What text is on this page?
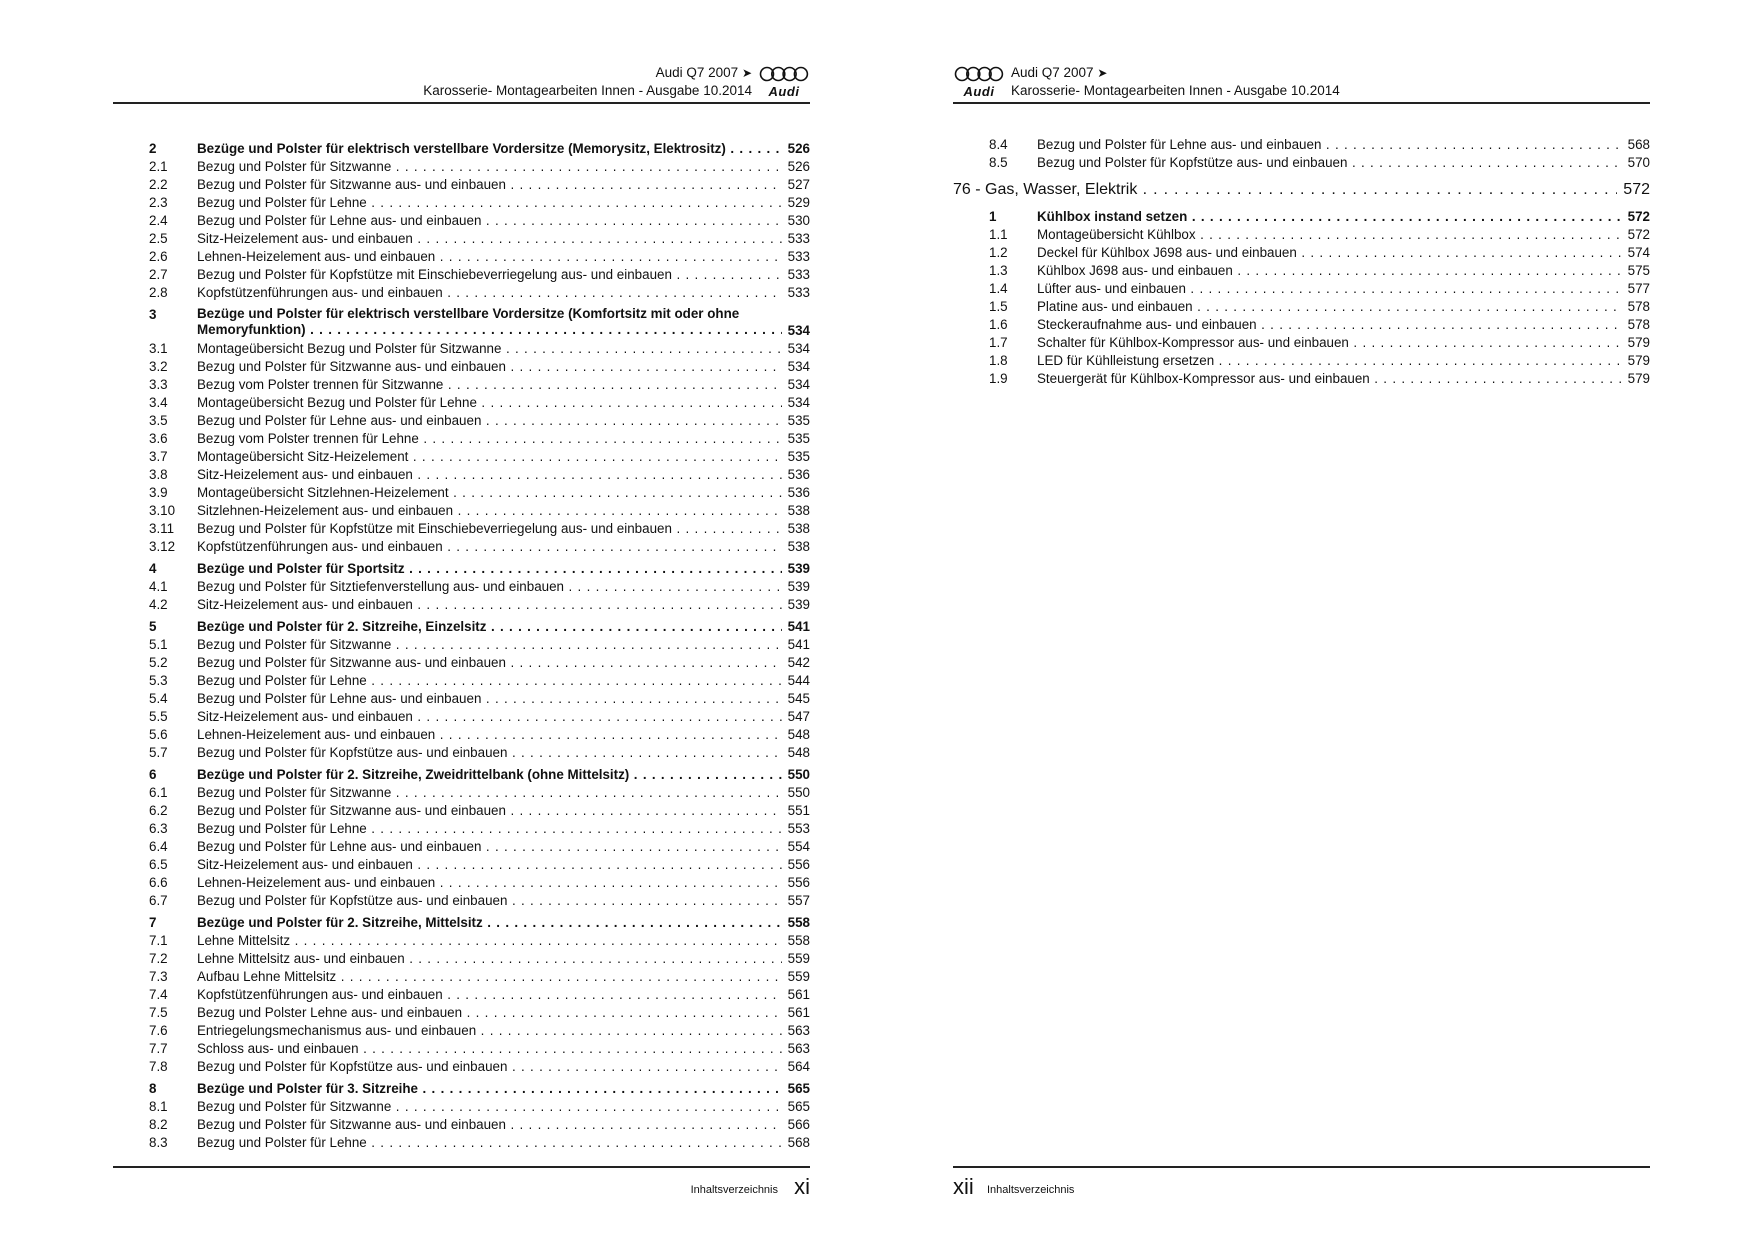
Audi Q7 2007 ➤
Karosserie- Montagearbeiten Innen - Ausgabe 10.2014	Audi
2	Bezüge und Polster für elektrisch verstellbare Vordersitze (Memorysitz, Elektrositz) . . .	526
2.1 Bezug und Polster für Sitzwanne . . .	526
2.2 Bezug und Polster für Sitzwanne aus- und einbauen . . .	527
2.3 Bezug und Polster für Lehne . . .	529
2.4 Bezug und Polster für Lehne aus- und einbauen . . .	530
2.5 Sitz-Heizelement aus- und einbauen . . .	533
2.6 Lehnen-Heizelement aus- und einbauen . . .	533
2.7 Bezug und Polster für Kopfstütze mit Einschiebeverriegelung aus- und einbauen . . .	533
2.8 Kopfstützenführungen aus- und einbauen . . .	533
3	Bezüge und Polster für elektrisch verstellbare Vordersitze (Komfortsitz mit oder ohne
Memoryfunktion) . . .	534
3.1 Montageübersicht Bezug und Polster für Sitzwanne . . .	534
3.2 Bezug und Polster für Sitzwanne aus- und einbauen . . .	534
3.3 Bezug vom Polster trennen für Sitzwanne . . .	534
3.4 Montageübersicht Bezug und Polster für Lehne . . .	534
3.5 Bezug und Polster für Lehne aus- und einbauen . . .	535
3.6 Bezug vom Polster trennen für Lehne . . .	535
3.7 Montageübersicht Sitz-Heizelement . . .	535
3.8 Sitz-Heizelement aus- und einbauen . . .	536
3.9 Montageübersicht Sitzlehnen-Heizelement . . .	536
3.10 Sitzlehnen-Heizelement aus- und einbauen . . .	538
3.11 Bezug und Polster für Kopfstütze mit Einschiebeverriegelung aus- und einbauen . . .	538
3.12 Kopfstützenführungen aus- und einbauen . . .	538
4	Bezüge und Polster für Sportsitz . . .	539
4.1 Bezug und Polster für Sitztiefenverstellung aus- und einbauen . . .	539
4.2 Sitz-Heizelement aus- und einbauen . . .	539
5	Bezüge und Polster für 2. Sitzreihe, Einzelsitz . . .	541
5.1 Bezug und Polster für Sitzwanne . . .	541
5.2 Bezug und Polster für Sitzwanne aus- und einbauen . . .	542
5.3 Bezug und Polster für Lehne . . .	544
5.4 Bezug und Polster für Lehne aus- und einbauen . . .	545
5.5 Sitz-Heizelement aus- und einbauen . . .	547
5.6 Lehnen-Heizelement aus- und einbauen . . .	548
5.7 Bezug und Polster für Kopfstütze aus- und einbauen . . .	548
6	Bezüge und Polster für 2. Sitzreihe, Zweidrittelbank (ohne Mittelsitz) . . .	550
6.1 Bezug und Polster für Sitzwanne . . .	550
6.2 Bezug und Polster für Sitzwanne aus- und einbauen . . .	551
6.3 Bezug und Polster für Lehne . . .	553
6.4 Bezug und Polster für Lehne aus- und einbauen . . .	554
6.5 Sitz-Heizelement aus- und einbauen . . .	556
6.6 Lehnen-Heizelement aus- und einbauen . . .	556
6.7 Bezug und Polster für Kopfstütze aus- und einbauen . . .	557
7	Bezüge und Polster für 2. Sitzreihe, Mittelsitz . . .	558
7.1 Lehne Mittelsitz . . .	558
7.2 Lehne Mittelsitz aus- und einbauen . . .	559
7.3 Aufbau Lehne Mittelsitz . . .	559
7.4 Kopfstützenführungen aus- und einbauen . . .	561
7.5 Bezug und Polster Lehne aus- und einbauen . . .	561
7.6 Entriegelungsmechanismus aus- und einbauen . . .	563
7.7 Schloss aus- und einbauen . . .	563
7.8 Bezug und Polster für Kopfstütze aus- und einbauen . . .	564
8	Bezüge und Polster für 3. Sitzreihe . . .	565
8.1 Bezug und Polster für Sitzwanne . . .	565
8.2 Bezug und Polster für Sitzwanne aus- und einbauen . . .	566
8.3 Bezug und Polster für Lehne . . .	568
Inhaltsverzeichnis xi
Audi
Audi Q7 2007 ➤
Karosserie- Montagearbeiten Innen - Ausgabe 10.2014
8.4 Bezug und Polster für Lehne aus- und einbauen . . .	568
8.5 Bezug und Polster für Kopfstütze aus- und einbauen . . .	570
76 - Gas, Wasser, Elektrik . . .	572
1	Kühlbox instand setzen . . .	572
1.1 Montageübersicht Kühlbox . . .	572
1.2 Deckel für Kühlbox J698 aus- und einbauen . . .	574
1.3 Kühlbox J698 aus- und einbauen . . .	575
1.4 Lüfter aus- und einbauen . . .	577
1.5 Platine aus- und einbauen . . .	578
1.6 Steckeraufnahme aus- und einbauen . . .	578
1.7 Schalter für Kühlbox-Kompressor aus- und einbauen . . .	579
1.8 LED für Kühlleistung ersetzen . . .	579
1.9 Steuergerät für Kühlbox-Kompressor aus- und einbauen . . .	579
xii Inhaltsverzeichnis
